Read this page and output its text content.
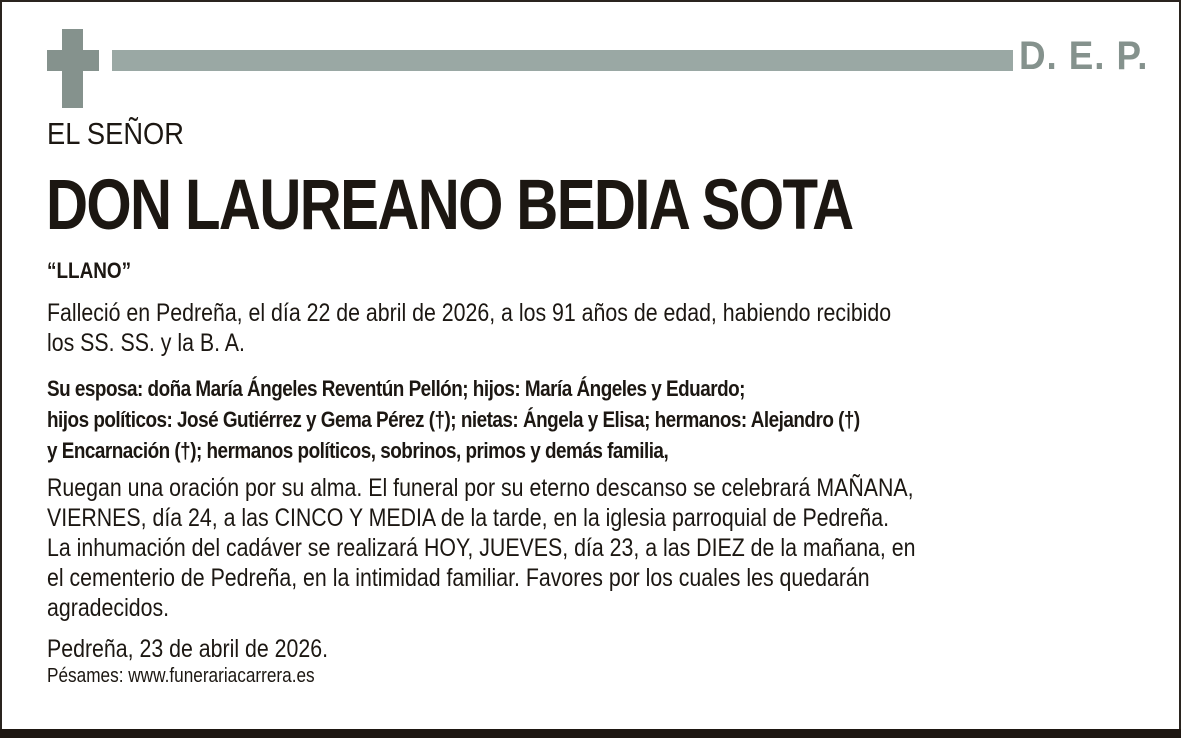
D. E. P.
EL SEÑOR
DON LAUREANO BEDIA SOTA
“LLANO”
Falleció en Pedreña, el día 22 de abril de 2026, a los 91 años de edad, habiendo recibido
los SS. SS. y la B. A.
Su esposa: doña María Ángeles Reventún Pellón; hijos: María Ángeles y Eduardo;
hijos políticos: José Gutiérrez y Gema Pérez (†); nietas: Ángela y Elisa; hermanos: Alejandro (†)
y Encarnación (†); hermanos políticos, sobrinos, primos y demás familia,
Ruegan una oración por su alma. El funeral por su eterno descanso se celebrará MAÑANA,
VIERNES, día 24, a las CINCO Y MEDIA de la tarde, en la iglesia parroquial de Pedreña.
La inhumación del cadáver se realizará HOY, JUEVES, día 23, a las DIEZ de la mañana, en
el cementerio de Pedreña, en la intimidad familiar. Favores por los cuales les quedarán
agradecidos.
Pedreña, 23 de abril de 2026.
Pésames: www.funerariacarrera.es
